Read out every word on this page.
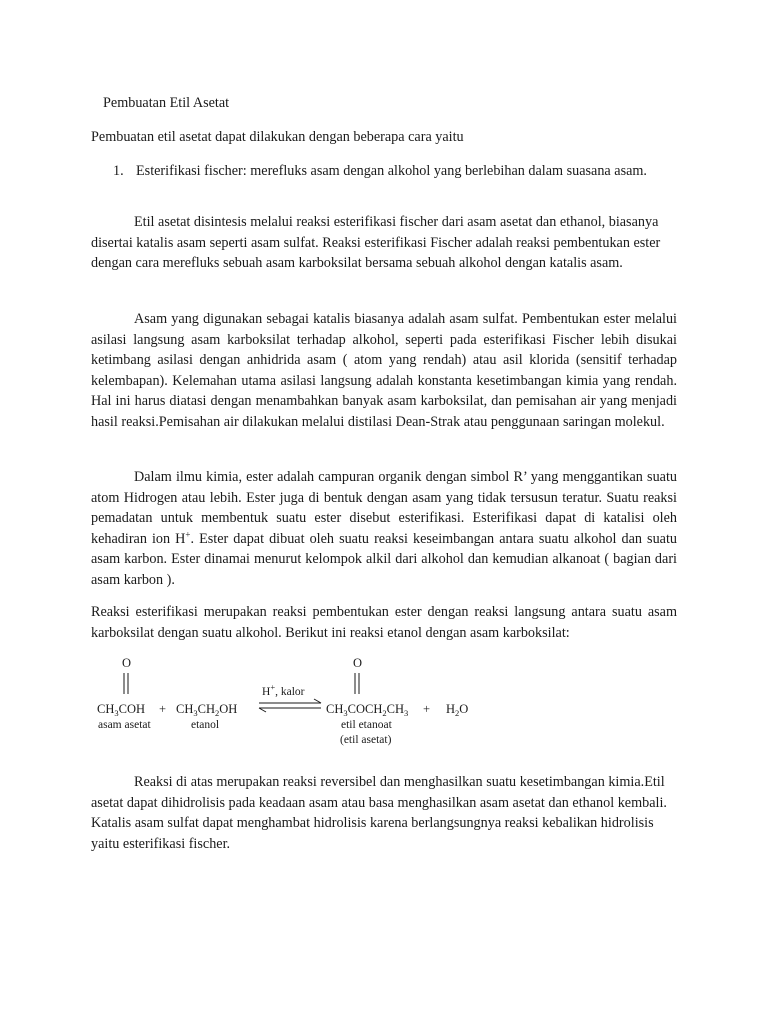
Pembuatan Etil Asetat

Pembuatan etil asetat dapat dilakukan dengan beberapa cara yaitu

1. Esterifikasi fischer: merefluks asam dengan alkohol yang berlebihan dalam suasana asam.

Etil asetat disintesis melalui reaksi esterifikasi fischer dari asam asetat dan ethanol, biasanya disertai katalis asam seperti asam sulfat. Reaksi esterifikasi Fischer adalah reaksi pembentukan ester dengan cara merefluks sebuah asam karboksilat bersama sebuah alkohol dengan katalis asam.

Asam yang digunakan sebagai katalis biasanya adalah asam sulfat. Pembentukan ester melalui asilasi langsung asam karboksilat terhadap alkohol, seperti pada esterifikasi Fischer lebih disukai ketimbang asilasi dengan anhidrida asam ( atom yang rendah) atau asil klorida (sensitif terhadap kelembapan). Kelemahan utama asilasi langsung adalah konstanta kesetimbangan kimia yang rendah. Hal ini harus diatasi dengan menambahkan banyak asam karboksilat, dan pemisahan air yang menjadi hasil reaksi.Pemisahan air dilakukan melalui distilasi Dean-Strak atau penggunaan saringan molekul.

Dalam ilmu kimia, ester adalah campuran organik dengan simbol R’ yang menggantikan suatu atom Hidrogen atau lebih. Ester juga di bentuk dengan asam yang tidak tersusun teratur. Suatu reaksi pemadatan untuk membentuk suatu ester disebut esterifikasi. Esterifikasi dapat di katalisi oleh kehadiran ion H+. Ester dapat dibuat oleh suatu reaksi keseimbangan antara suatu alkohol dan suatu asam karbon. Ester dinamai menurut kelompok alkil dari alkohol dan kemudian alkanoat ( bagian dari asam karbon ).

Reaksi esterifikasi merupakan reaksi pembentukan ester dengan reaksi langsung antara suatu asam karboksilat dengan suatu alkohol. Berikut ini reaksi etanol dengan asam karboksilat:

O
$CH_3COH$
asam asetat
+ $CH_3CH_2OH$
etanol
H+, kalor
O
$CH_3COCH_2CH_3$
etil etanoat
(etil asetat)
+ $H_2O$

Reaksi di atas merupakan reaksi reversibel dan menghasilkan suatu kesetimbangan kimia.Etil asetat dapat dihidrolisis pada keadaan asam atau basa menghasilkan asam asetat dan ethanol kembali. Katalis asam sulfat dapat menghambat hidrolisis karena berlangsungnya reaksi kebalikan hidrolisis yaitu esterifikasi fischer.
